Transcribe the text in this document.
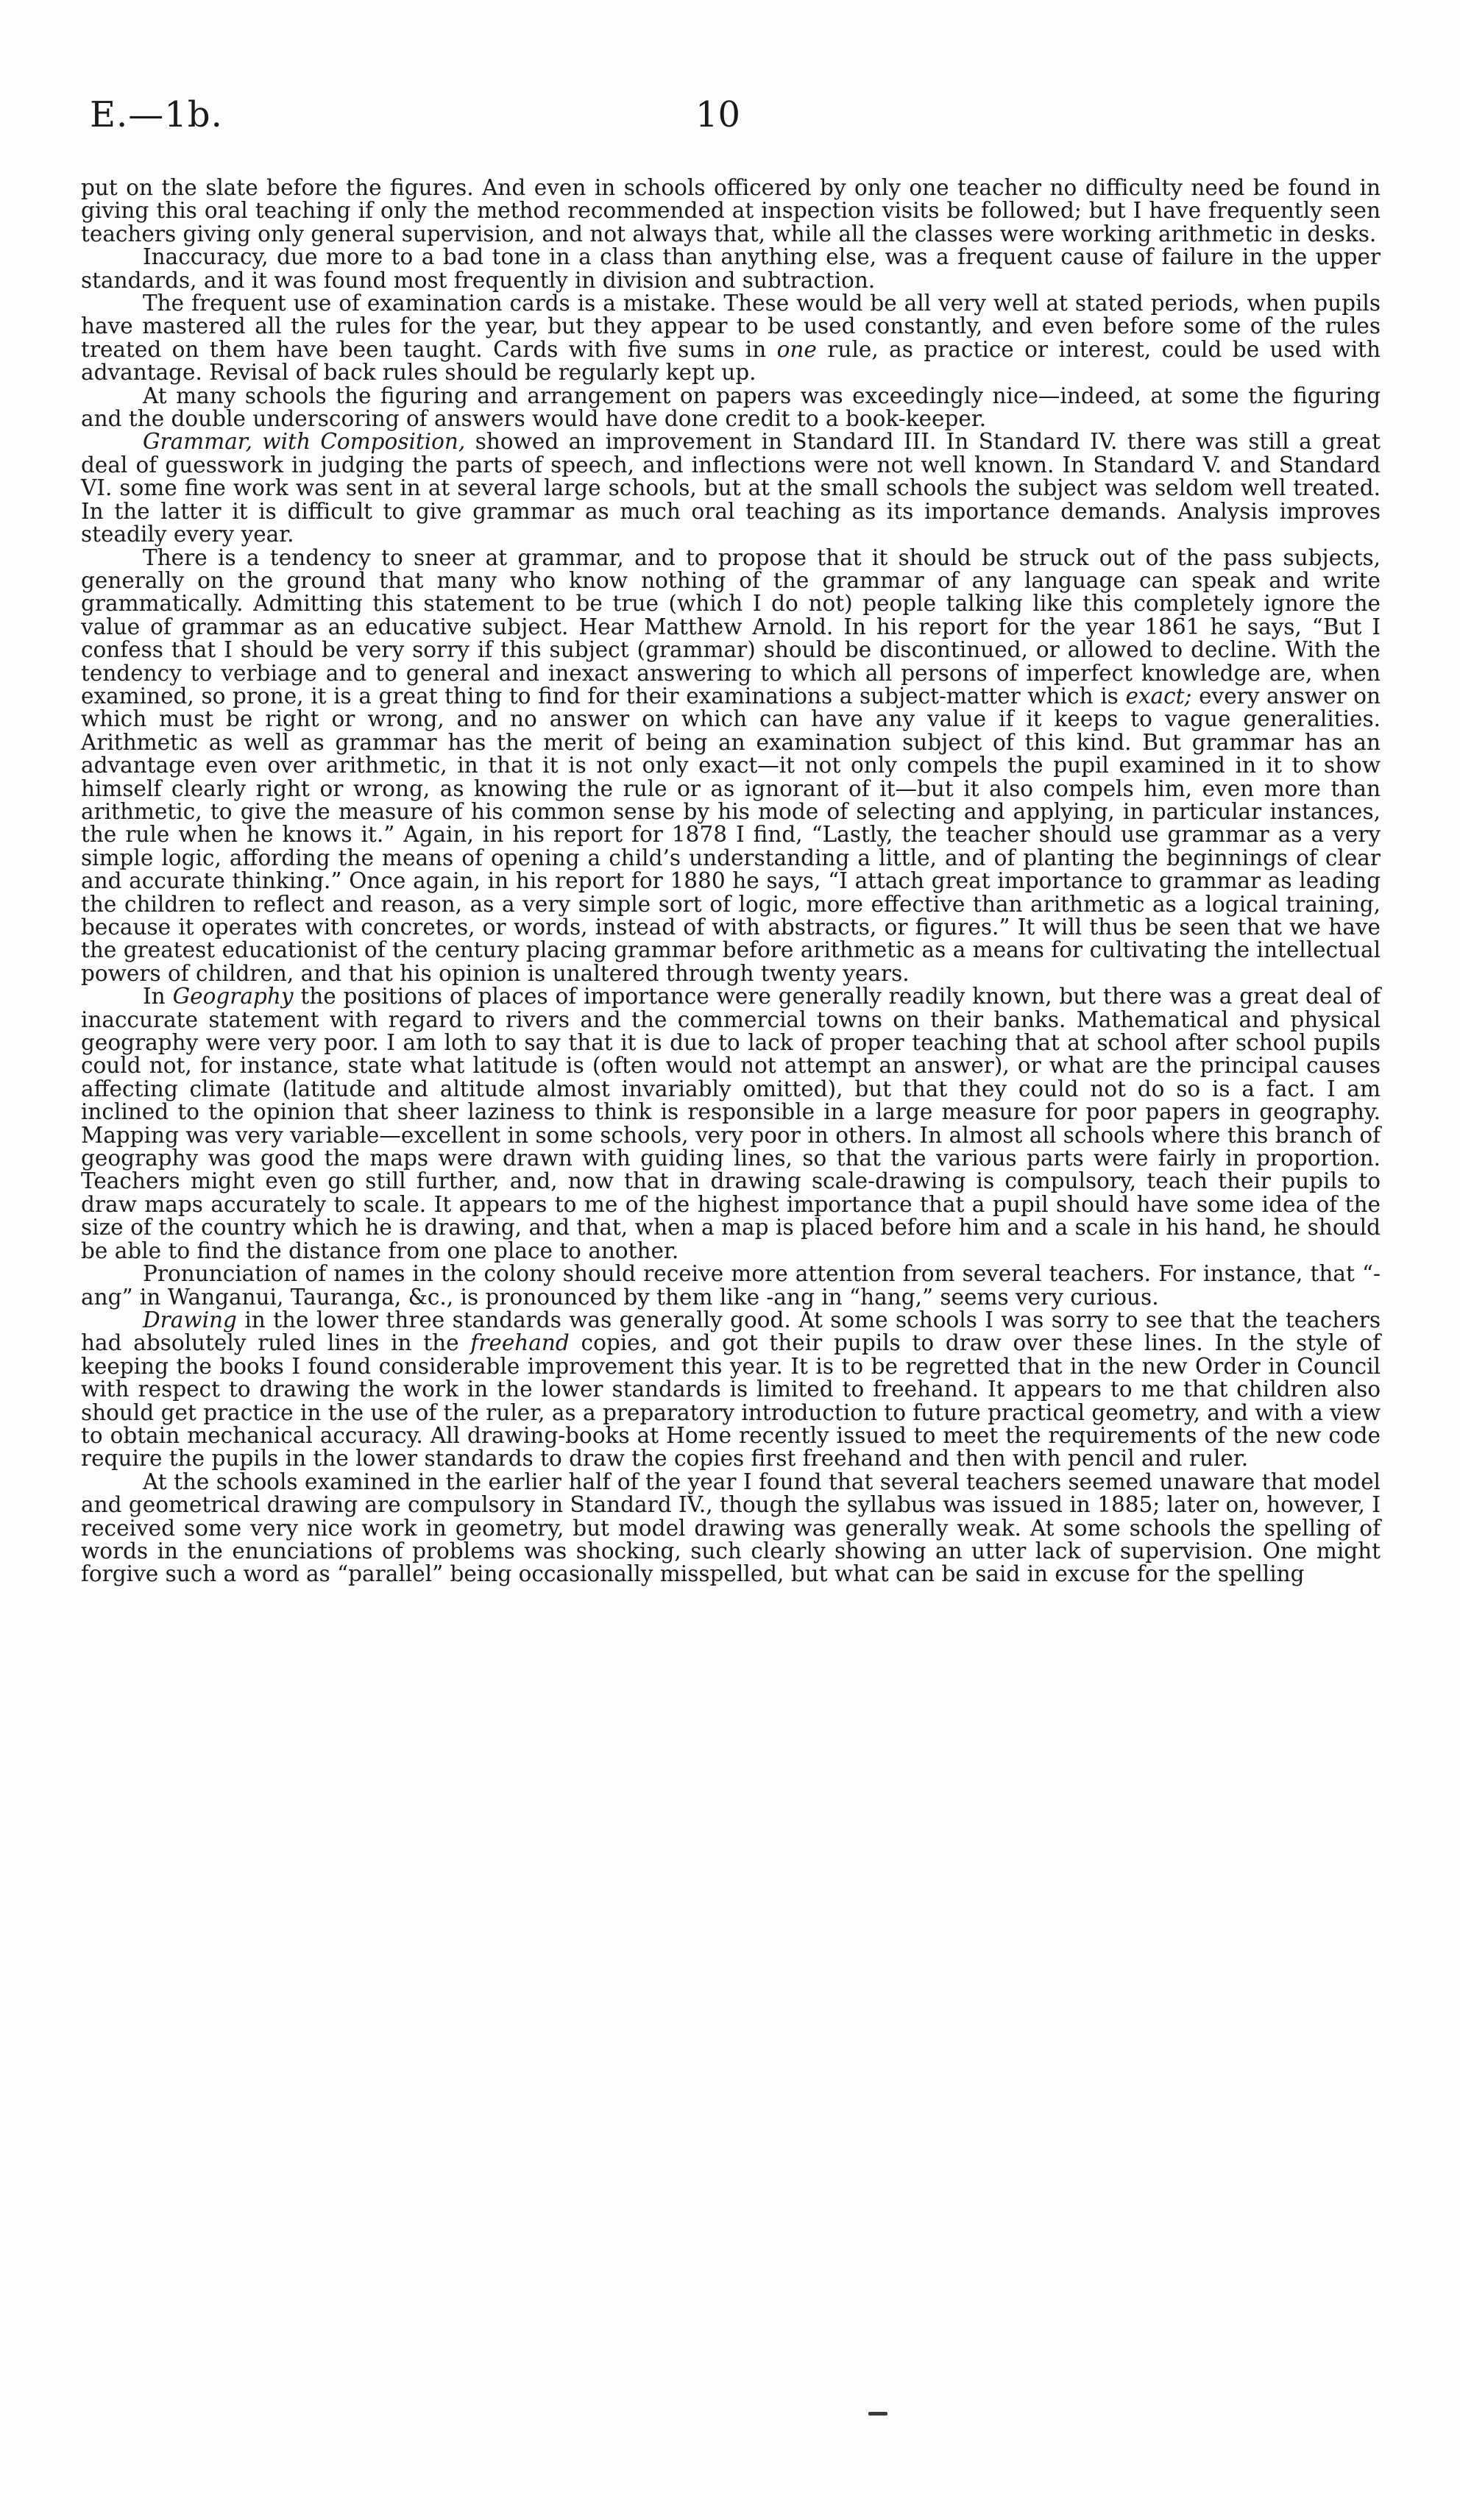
E.—1b.	10

put on the slate before the figures. And even in schools officered by only one teacher no difficulty need be found in giving this oral teaching if only the method recommended at inspection visits be followed; but I have frequently seen teachers giving only general supervision, and not always that, while all the classes were working arithmetic in desks.

Inaccuracy, due more to a bad tone in a class than anything else, was a frequent cause of failure in the upper standards, and it was found most frequently in division and subtraction.

The frequent use of examination cards is a mistake. These would be all very well at stated periods, when pupils have mastered all the rules for the year, but they appear to be used constantly, and even before some of the rules treated on them have been taught. Cards with five sums in one rule, as practice or interest, could be used with advantage. Revisal of back rules should be regularly kept up.

At many schools the figuring and arrangement on papers was exceedingly nice—indeed, at some the figuring and the double underscoring of answers would have done credit to a book-keeper.

Grammar, with Composition, showed an improvement in Standard III. In Standard IV. there was still a great deal of guesswork in judging the parts of speech, and inflections were not well known. In Standard V. and Standard VI. some fine work was sent in at several large schools, but at the small schools the subject was seldom well treated. In the latter it is difficult to give grammar as much oral teaching as its importance demands. Analysis improves steadily every year.

There is a tendency to sneer at grammar, and to propose that it should be struck out of the pass subjects, generally on the ground that many who know nothing of the grammar of any language can speak and write grammatically. Admitting this statement to be true (which I do not) people talking like this completely ignore the value of grammar as an educative subject. Hear Matthew Arnold. In his report for the year 1861 he says, “But I confess that I should be very sorry if this subject (grammar) should be discontinued, or allowed to decline. With the tendency to verbiage and to general and inexact answering to which all persons of imperfect knowledge are, when examined, so prone, it is a great thing to find for their examinations a subject-matter which is exact; every answer on which must be right or wrong, and no answer on which can have any value if it keeps to vague generalities. Arithmetic as well as grammar has the merit of being an examination subject of this kind. But grammar has an advantage even over arithmetic, in that it is not only exact—it not only compels the pupil examined in it to show himself clearly right or wrong, as knowing the rule or as ignorant of it—but it also compels him, even more than arithmetic, to give the measure of his common sense by his mode of selecting and applying, in particular instances, the rule when he knows it.” Again, in his report for 1878 I find, “Lastly, the teacher should use grammar as a very simple logic, affording the means of opening a child’s understanding a little, and of planting the beginnings of clear and accurate thinking.” Once again, in his report for 1880 he says, “I attach great importance to grammar as leading the children to reflect and reason, as a very simple sort of logic, more effective than arithmetic as a logical training, because it operates with concretes, or words, instead of with abstracts, or figures.” It will thus be seen that we have the greatest educationist of the century placing grammar before arithmetic as a means for cultivating the intellectual powers of children, and that his opinion is unaltered through twenty years.

In Geography the positions of places of importance were generally readily known, but there was a great deal of inaccurate statement with regard to rivers and the commercial towns on their banks. Mathematical and physical geography were very poor. I am loth to say that it is due to lack of proper teaching that at school after school pupils could not, for instance, state what latitude is (often would not attempt an answer), or what are the principal causes affecting climate (latitude and altitude almost invariably omitted), but that they could not do so is a fact. I am inclined to the opinion that sheer laziness to think is responsible in a large measure for poor papers in geography. Mapping was very variable—excellent in some schools, very poor in others. In almost all schools where this branch of geography was good the maps were drawn with guiding lines, so that the various parts were fairly in proportion. Teachers might even go still further, and, now that in drawing scale-drawing is compulsory, teach their pupils to draw maps accurately to scale. It appears to me of the highest importance that a pupil should have some idea of the size of the country which he is drawing, and that, when a map is placed before him and a scale in his hand, he should be able to find the distance from one place to another.

Pronunciation of names in the colony should receive more attention from several teachers. For instance, that “-ang” in Wanganui, Tauranga, &c., is pronounced by them like -ang in “hang,” seems very curious.

Drawing in the lower three standards was generally good. At some schools I was sorry to see that the teachers had absolutely ruled lines in the freehand copies, and got their pupils to draw over these lines. In the style of keeping the books I found considerable improvement this year. It is to be regretted that in the new Order in Council with respect to drawing the work in the lower standards is limited to freehand. It appears to me that children also should get practice in the use of the ruler, as a preparatory introduction to future practical geometry, and with a view to obtain mechanical accuracy. All drawing-books at Home recently issued to meet the requirements of the new code require the pupils in the lower standards to draw the copies first freehand and then with pencil and ruler.

At the schools examined in the earlier half of the year I found that several teachers seemed unaware that model and geometrical drawing are compulsory in Standard IV., though the syllabus was issued in 1885; later on, however, I received some very nice work in geometry, but model drawing was generally weak. At some schools the spelling of words in the enunciations of problems was shocking, such clearly showing an utter lack of supervision. One might forgive such a word as “parallel” being occasionally misspelled, but what can be said in excuse for the spelling
